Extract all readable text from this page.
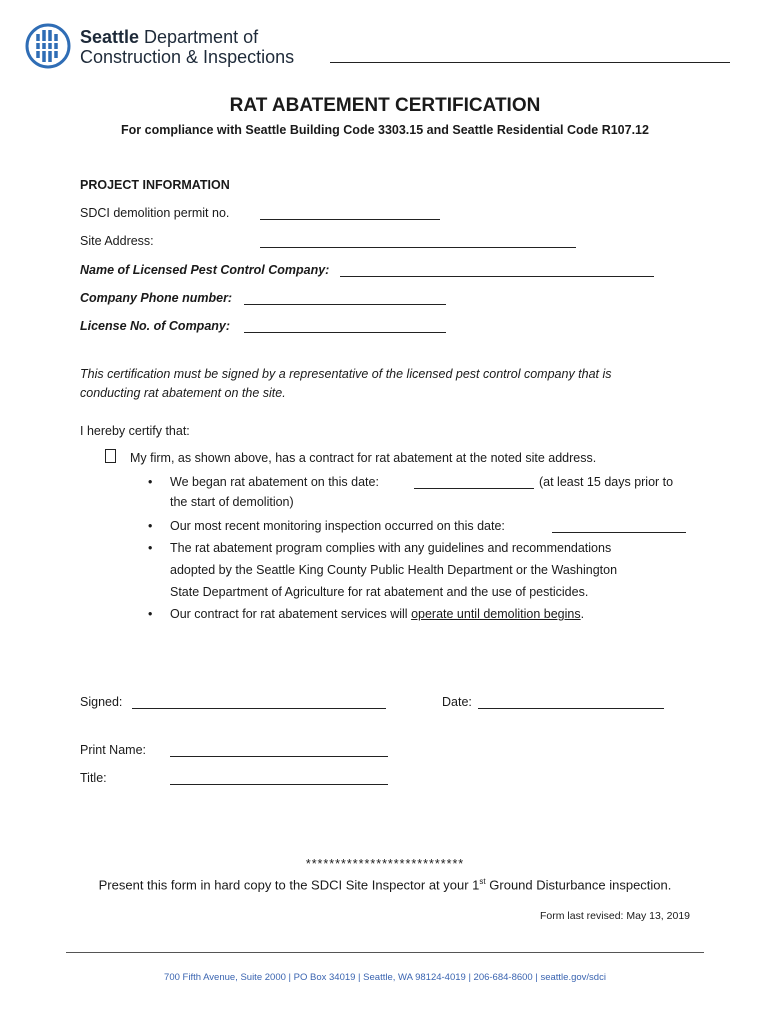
Seattle Department of
Construction & Inspections
RAT ABATEMENT CERTIFICATION
For compliance with Seattle Building Code 3303.15 and Seattle Residential Code R107.12
PROJECT INFORMATION
SDCI demolition permit no.
Site Address:
Name of Licensed Pest Control Company:
Company Phone number:
License No. of Company:
This certification must be signed by a representative of the licensed pest control company that is
conducting rat abatement on the site.
I hereby certify that:
My firm, as shown above, has a contract for rat abatement at the noted site address.
• We began rat abatement on this date:	(at least 15 days prior to
the start of demolition)
• Our most recent monitoring inspection occurred on this date:
• The rat abatement program complies with any guidelines and recommendations
adopted by the Seattle King County Public Health Department or the Washington
State Department of Agriculture for rat abatement and the use of pesticides.
• Our contract for rat abatement services will operate until demolition begins.
Signed:	Date:
Print Name:
Title:
***************************
Present this form in hard copy to the SDCI Site Inspector at your 1st Ground Disturbance inspection.
Form last revised: May 13, 2019
700 Fifth Avenue, Suite 2000 | PO Box 34019 | Seattle, WA 98124-4019 | 206-684-8600 | seattle.gov/sdci
